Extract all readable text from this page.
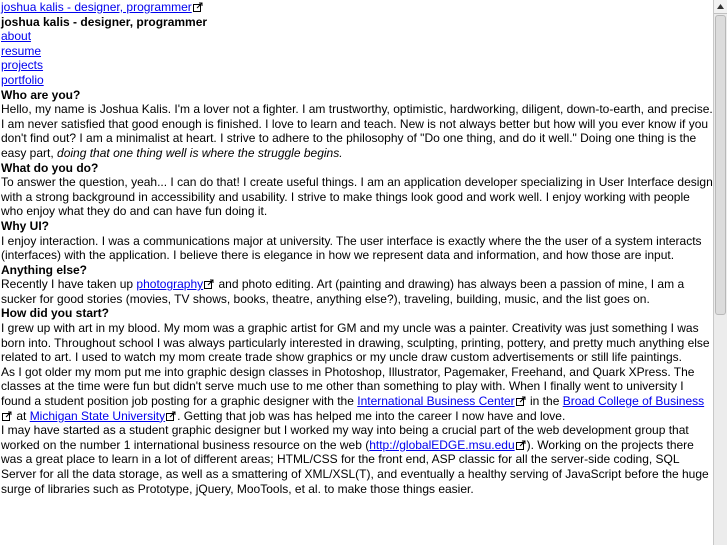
joshua kalis - designer, programmer
joshua kalis - designer, programmer
about
resume
projects
portfolio
Who are you?
Hello, my name is Joshua Kalis. I'm a lover not a fighter. I am trustworthy, optimistic, hardworking, diligent, down-to-earth, and precise. I am never satisfied that good enough is finished. I love to learn and teach. New is not always better but how will you ever know if you don't find out? I am a minimalist at heart. I strive to adhere to the philosophy of "Do one thing, and do it well." Doing one thing is the easy part, doing that one thing well is where the struggle begins.
What do you do?
To answer the question, yeah... I can do that! I create useful things. I am an application developer specializing in User Interface design with a strong background in accessibility and usability. I strive to make things look good and work well. I enjoy working with people who enjoy what they do and can have fun doing it.
Why UI?
I enjoy interaction. I was a communications major at university. The user interface is exactly where the the user of a system interacts (interfaces) with the application. I believe there is elegance in how we represent data and information, and how those are input.
Anything else?
Recently I have taken up photography
and photo editing. Art (painting and drawing) has always been a passion of mine, I am a sucker for good stories (movies, TV shows, books, theatre, anything else?), traveling, building, music, and the list goes on.
How did you start?
I grew up with art in my blood. My mom was a graphic artist for GM and my uncle was a painter. Creativity was just something I was born into. Throughout school I was always particularly interested in drawing, sculpting, printing, pottery, and pretty much anything else related to art. I used to watch my mom create trade show graphics or my uncle draw custom advertisements or still life paintings.
As I got older my mom put me into graphic design classes in Photoshop, Illustrator, Pagemaker, Freehand, and Quark XPress. The classes at the time were fun but didn't serve much use to me other than something to play with. When I finally went to university I found a student position job posting for a graphic designer with the International Business Center
in the Broad College of Business
at Michigan State University . Getting that job was has helped me into the career I now have and love.
I may have started as a student graphic designer but I worked my way into being a crucial part of the web development group that worked on the number 1 international business resource on the web (http://globalEDGE.msu.edu ). Working on the projects there was a great place to learn in a lot of different areas; HTML/CSS for the front end, ASP classic for all the server-side coding, SQL Server for all the data storage, as well as a smattering of XML/XSL(T), and eventually a healthy serving of JavaScript before the huge surge of libraries such as Prototype, jQuery, MooTools, et al. to make those things easier.
